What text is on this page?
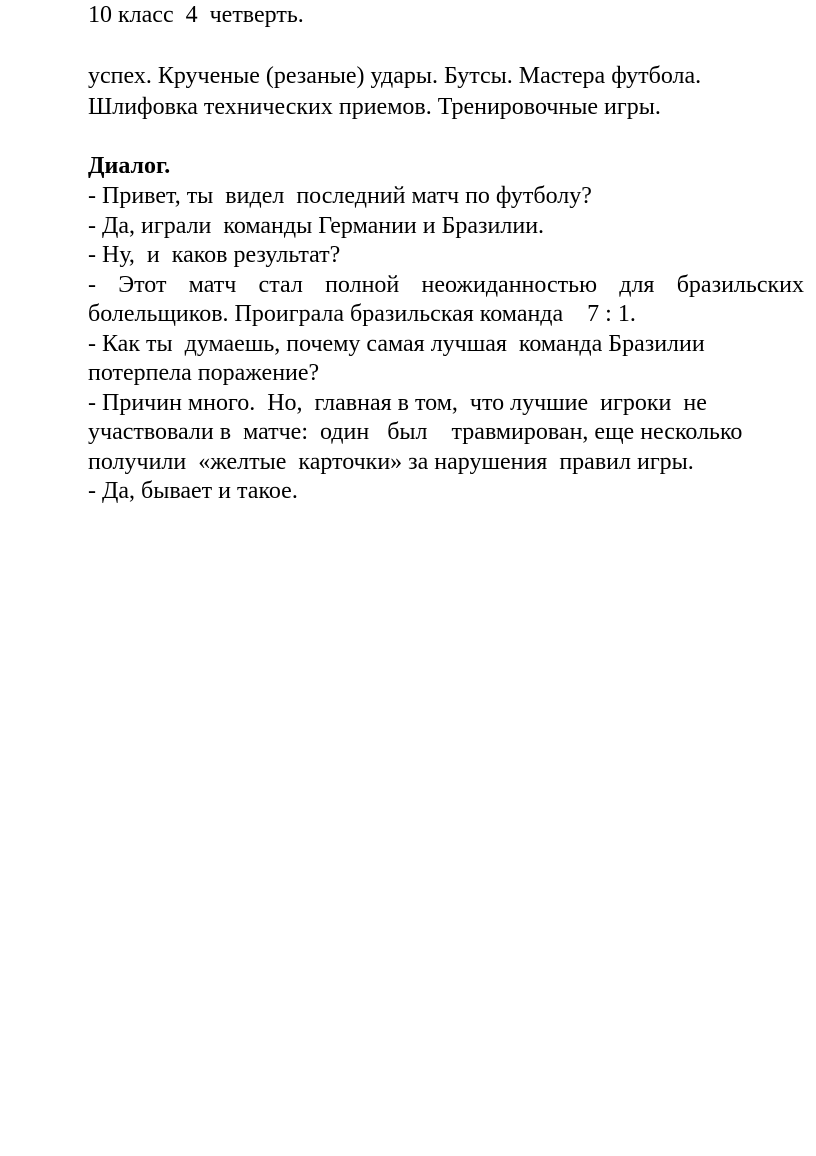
10 класс  4  четверть.
успех. Крученые (резаные) удары. Бутсы. Мастера футбола.
Шлифовка технических приемов. Тренировочные игры.
Диалог.
- Привет, ты  видел  последний матч по футболу?
- Да, играли  команды Германии и Бразилии.
- Ну,  и  каков результат?
- Этот матч стал полной неожиданностью для бразильских
болельщиков. Проиграла бразильская команда    7 : 1.
- Как ты  думаешь, почему самая лучшая  команда Бразилии
потерпела поражение?
- Причин много.  Но,  главная в том,  что лучшие  игроки  не
участвовали в  матче:  один   был    травмирован, еще несколько
получили  «желтые  карточки» за нарушения  правил игры.
- Да, бывает и такое.
